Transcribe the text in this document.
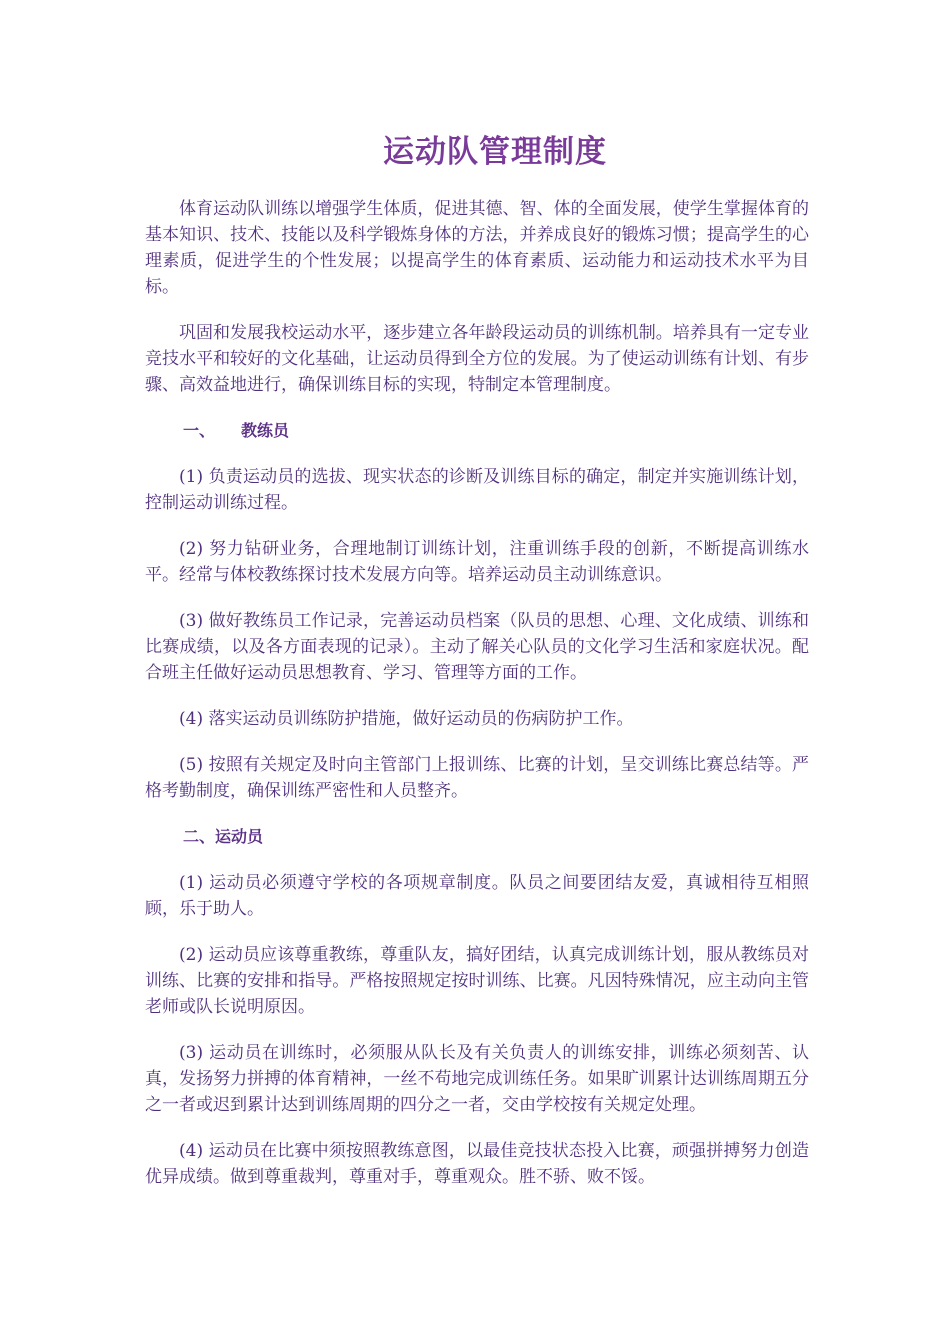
运动队管理制度

体育运动队训练以增强学生体质，促进其德、智、体的全面发展，使学生掌握体育的基本知识、技术、技能以及科学锻炼身体的方法，并养成良好的锻炼习惯；提高学生的心理素质，促进学生的个性发展；以提高学生的体育素质、运动能力和运动技术水平为目标。

巩固和发展我校运动水平，逐步建立各年龄段运动员的训练机制。培养具有一定专业竞技水平和较好的文化基础，让运动员得到全方位的发展。为了使运动训练有计划、有步骤、高效益地进行，确保训练目标的实现，特制定本管理制度。

一、 教练员

(1) 负责运动员的选拔、现实状态的诊断及训练目标的确定，制定并实施训练计划，控制运动训练过程。

(2) 努力钻研业务，合理地制订训练计划，注重训练手段的创新，不断提高训练水平。经常与体校教练探讨技术发展方向等。培养运动员主动训练意识。

(3) 做好教练员工作记录，完善运动员档案（队员的思想、心理、文化成绩、训练和比赛成绩，以及各方面表现的记录）。主动了解关心队员的文化学习生活和家庭状况。配合班主任做好运动员思想教育、学习、管理等方面的工作。

(4) 落实运动员训练防护措施，做好运动员的伤病防护工作。

(5) 按照有关规定及时向主管部门上报训练、比赛的计划，呈交训练比赛总结等。严格考勤制度，确保训练严密性和人员整齐。

二、运动员

(1) 运动员必须遵守学校的各项规章制度。队员之间要团结友爱，真诚相待互相照顾，乐于助人。

(2) 运动员应该尊重教练，尊重队友，搞好团结，认真完成训练计划，服从教练员对训练、比赛的安排和指导。严格按照规定按时训练、比赛。凡因特殊情况，应主动向主管老师或队长说明原因。

(3) 运动员在训练时，必须服从队长及有关负责人的训练安排，训练必须刻苦、认真，发扬努力拼搏的体育精神，一丝不苟地完成训练任务。如果旷训累计达训练周期五分之一者或迟到累计达到训练周期的四分之一者，交由学校按有关规定处理。

(4) 运动员在比赛中须按照教练意图，以最佳竞技状态投入比赛，顽强拼搏努力创造优异成绩。做到尊重裁判，尊重对手，尊重观众。胜不骄、败不馁。
